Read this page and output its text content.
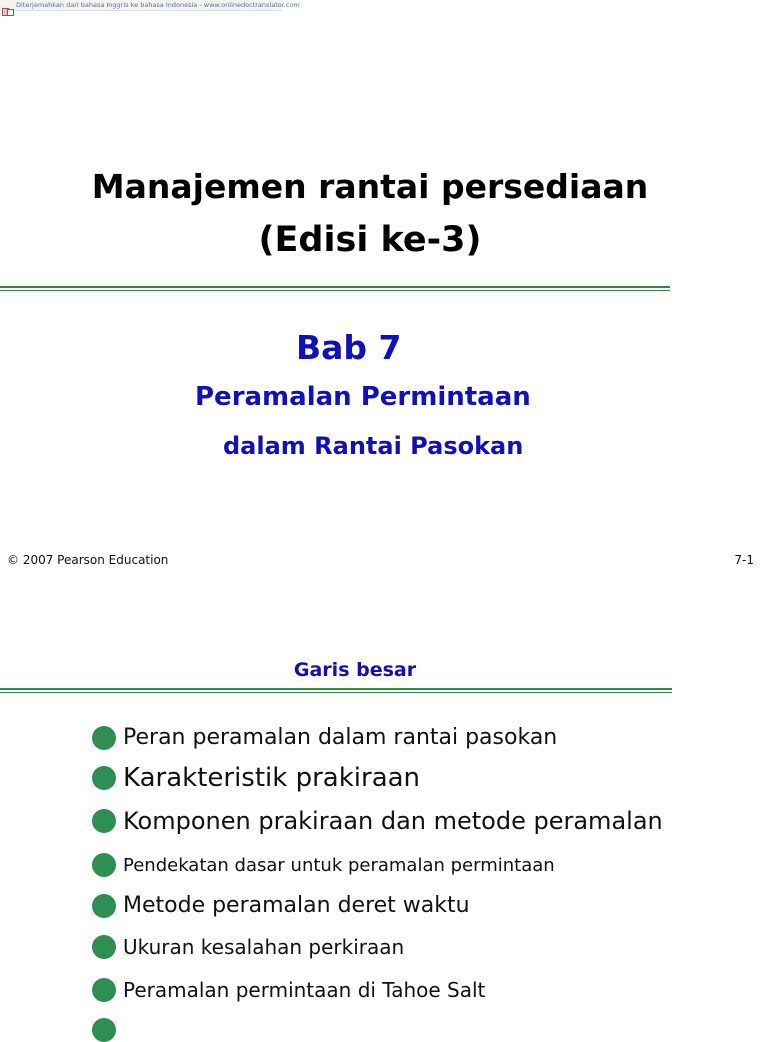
G
Diterjemahkan dari bahasa Inggris ke bahasa Indonesia - www.onlinedoctranslator.com
Manajemen rantai persediaan
(Edisi ke-3)
Bab 7
Peramalan Permintaan
dalam Rantai Pasokan
© 2007 Pearson Education	7-1
Garis besar
Peran peramalan dalam rantai pasokan
Karakteristik prakiraan
Komponen prakiraan dan metode peramalan
Pendekatan dasar untuk peramalan permintaan
Metode peramalan deret waktu
Ukuran kesalahan perkiraan
Peramalan permintaan di Tahoe Salt
